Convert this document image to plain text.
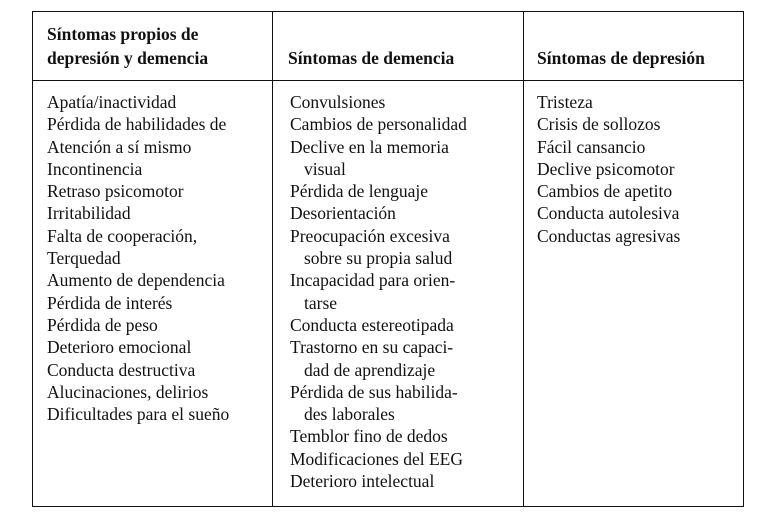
Síntomas propios de
depresión y demencia	Síntomas de demencia	Síntomas de depresión
Apatía/inactividad
Pérdida de habilidades de
Atención a sí mismo
Incontinencia
Retraso psicomotor
Irritabilidad
Falta de cooperación,
Terquedad
Aumento de dependencia
Pérdida de interés
Pérdida de peso
Deterioro emocional
Conducta destructiva
Alucinaciones, delirios
Dificultades para el sueño
Convulsiones
Cambios de personalidad
Declive en la memoria
visual
Pérdida de lenguaje
Desorientación
Preocupación excesiva
sobre su propia salud
Incapacidad para orien-
tarse
Conducta estereotipada
Trastorno en su capaci-
dad de aprendizaje
Pérdida de sus habilida-
des laborales
Temblor fino de dedos
Modificaciones del EEG
Deterioro intelectual
Tristeza
Crisis de sollozos
Fácil cansancio
Declive psicomotor
Cambios de apetito
Conducta autolesiva
Conductas agresivas
